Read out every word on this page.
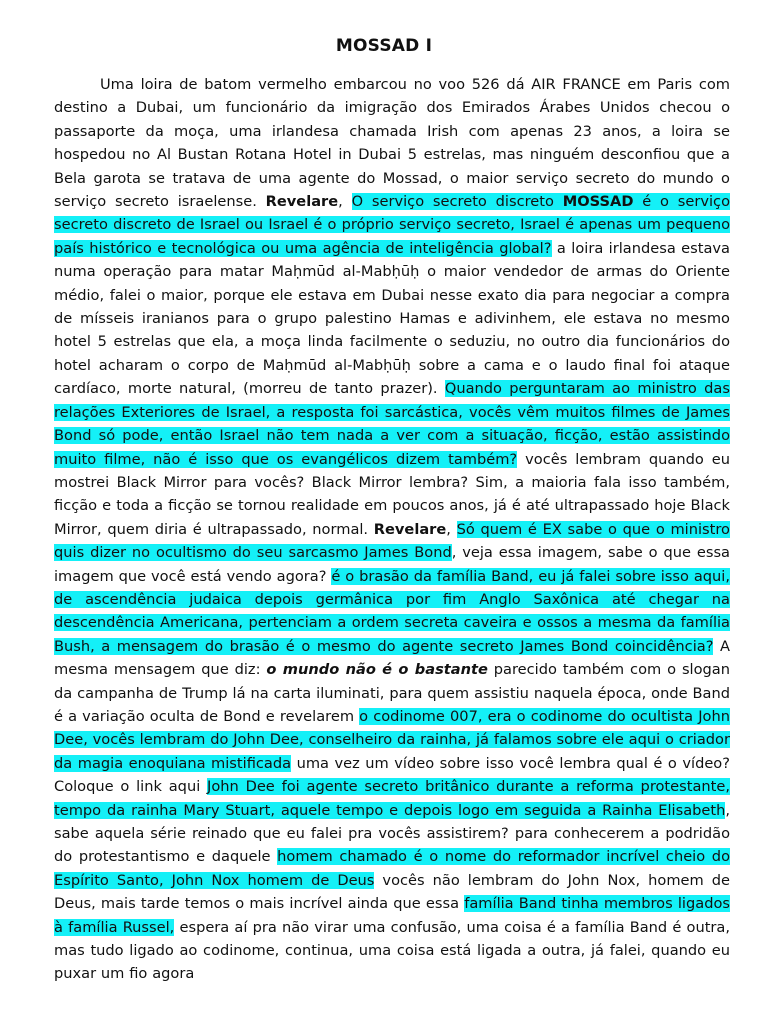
MOSSAD I

Uma loira de batom vermelho embarcou no voo 526 dá AIR FRANCE em Paris com destino a Dubai, um funcionário da imigração dos Emirados Árabes Unidos checou o passaporte da moça, uma irlandesa chamada Irish com apenas 23 anos, a loira se hospedou no Al Bustan Rotana Hotel in Dubai 5 estrelas, mas ninguém desconfiou que a Bela garota se tratava de uma agente do Mossad, o maior serviço secreto do mundo o serviço secreto israelense. Revelare, O serviço secreto discreto MOSSAD é o serviço secreto discreto de Israel ou Israel é o próprio serviço secreto, Israel é apenas um pequeno país histórico e tecnológica ou uma agência de inteligência global? a loira irlandesa estava numa operação para matar Maḥmūd al-Mabḥūḥ o maior vendedor de armas do Oriente médio, falei o maior, porque ele estava em Dubai nesse exato dia para negociar a compra de mísseis iranianos para o grupo palestino Hamas e adivinhem, ele estava no mesmo hotel 5 estrelas que ela, a moça linda facilmente o seduziu, no outro dia funcionários do hotel acharam o corpo de Maḥmūd al-Mabḥūḥ sobre a cama e o laudo final foi ataque cardíaco, morte natural, (morreu de tanto prazer). Quando perguntaram ao ministro das relações Exteriores de Israel, a resposta foi sarcástica, vocês vêm muitos filmes de James Bond só pode, então Israel não tem nada a ver com a situação, ficção, estão assistindo muito filme, não é isso que os evangélicos dizem também? vocês lembram quando eu mostrei Black Mirror para vocês? Black Mirror lembra? Sim, a maioria fala isso também, ficção e toda a ficção se tornou realidade em poucos anos, já é até ultrapassado hoje Black Mirror, quem diria é ultrapassado, normal. Revelare, Só quem é EX sabe o que o ministro quis dizer no ocultismo do seu sarcasmo James Bond, veja essa imagem, sabe o que essa imagem que você está vendo agora? é o brasão da família Band, eu já falei sobre isso aqui, de ascendência judaica depois germânica por fim Anglo Saxônica até chegar na descendência Americana, pertenciam a ordem secreta caveira e ossos a mesma da família Bush, a mensagem do brasão é o mesmo do agente secreto James Bond coincidência? A mesma mensagem que diz: o mundo não é o bastante parecido também com o slogan da campanha de Trump lá na carta iluminati, para quem assistiu naquela época, onde Band é a variação oculta de Bond e revelarem o codinome 007, era o codinome do ocultista John Dee, vocês lembram do John Dee, conselheiro da rainha, já falamos sobre ele aqui o criador da magia enoquiana mistificada uma vez um vídeo sobre isso você lembra qual é o vídeo? Coloque o link aqui John Dee foi agente secreto britânico durante a reforma protestante, tempo da rainha Mary Stuart, aquele tempo e depois logo em seguida a Rainha Elisabeth, sabe aquela série reinado que eu falei pra vocês assistirem? para conhecerem a podridão do protestantismo e daquele homem chamado é o nome do reformador incrível cheio do Espírito Santo, John Nox homem de Deus vocês não lembram do John Nox, homem de Deus, mais tarde temos o mais incrível ainda que essa família Band tinha membros ligados à família Russel, espera aí pra não virar uma confusão, uma coisa é a família Band é outra, mas tudo ligado ao codinome, continua, uma coisa está ligada a outra, já falei, quando eu puxar um fio agora
